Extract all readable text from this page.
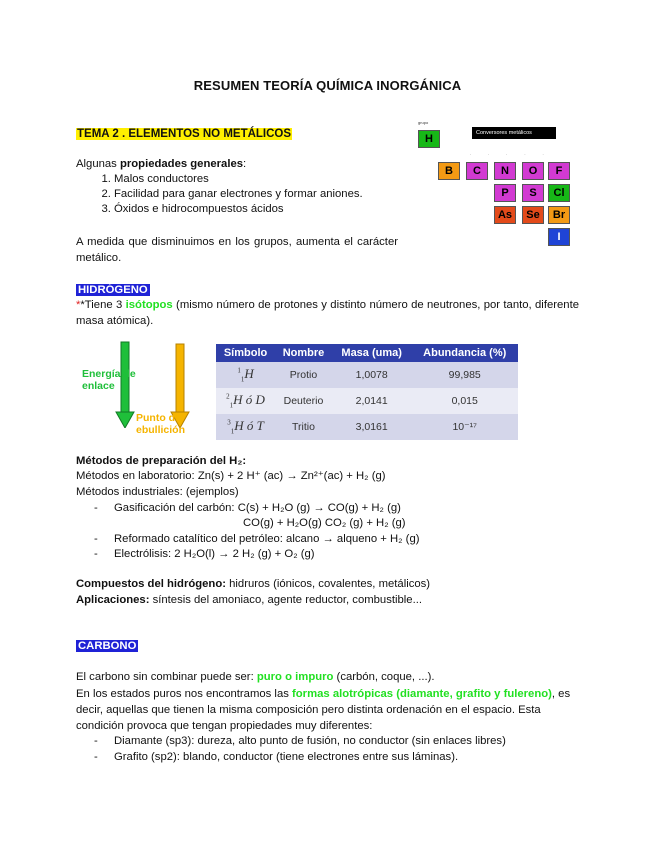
RESUMEN TEORÍA QUÍMICA INORGÁNICA
TEMA 2 . ELEMENTOS NO METÁLICOS
Algunas propiedades generales:
1. Malos conductores
2. Facilidad para ganar electrones y formar aniones.
3. Óxidos e hidrocompuestos ácidos
A medida que disminuimos en los grupos, aumenta el carácter metálico.
grupo
H	Conversores metálicos
· · · · ·
B	C	N	O	F
P	S	Cl
As	Se	Br
I
HIDRÓGENO
**Tiene 3 isótopos (mismo número de protones y distinto número de neutrones, por tanto, diferente masa atómica).
Energía de enlace
Punto de ebullición
Símbolo	Nombre	Masa (uma)	Abundancia (%)
$^1_1$H	Protio	1,0078	99,985
$^2_1$H ó D	Deuterio	2,0141	0,015
$^3_1$H ó T	Tritio	3,0161	10⁻¹⁷
Métodos de preparación del H₂:
Métodos en laboratorio: Zn(s) + 2 H⁺ (ac) → Zn²⁺(ac) + H₂ (g)
Métodos industriales: (ejemplos)
- Gasificación del carbón: C(s) + H₂O (g) → CO(g) + H₂ (g)
CO(g) + H₂O(g) CO₂ (g) + H₂ (g)
- Reformado catalítico del petróleo: alcano → alqueno + H₂ (g)
- Electrólisis: 2 H₂O(l) → 2 H₂ (g) + O₂ (g)
Compuestos del hidrógeno: hidruros (iónicos, covalentes, metálicos)
Aplicaciones: síntesis del amoniaco, agente reductor, combustible...
CARBONO
El carbono sin combinar puede ser: puro o impuro (carbón, coque, ...).
En los estados puros nos encontramos las formas alotrópicas (diamante, grafito y fulereno), es decir, aquellas que tienen la misma composición pero distinta ordenación en el espacio. Esta condición provoca que tengan propiedades muy diferentes:
- Diamante (sp3): dureza, alto punto de fusión, no conductor (sin enlaces libres)
- Grafito (sp2): blando, conductor (tiene electrones entre sus láminas).
